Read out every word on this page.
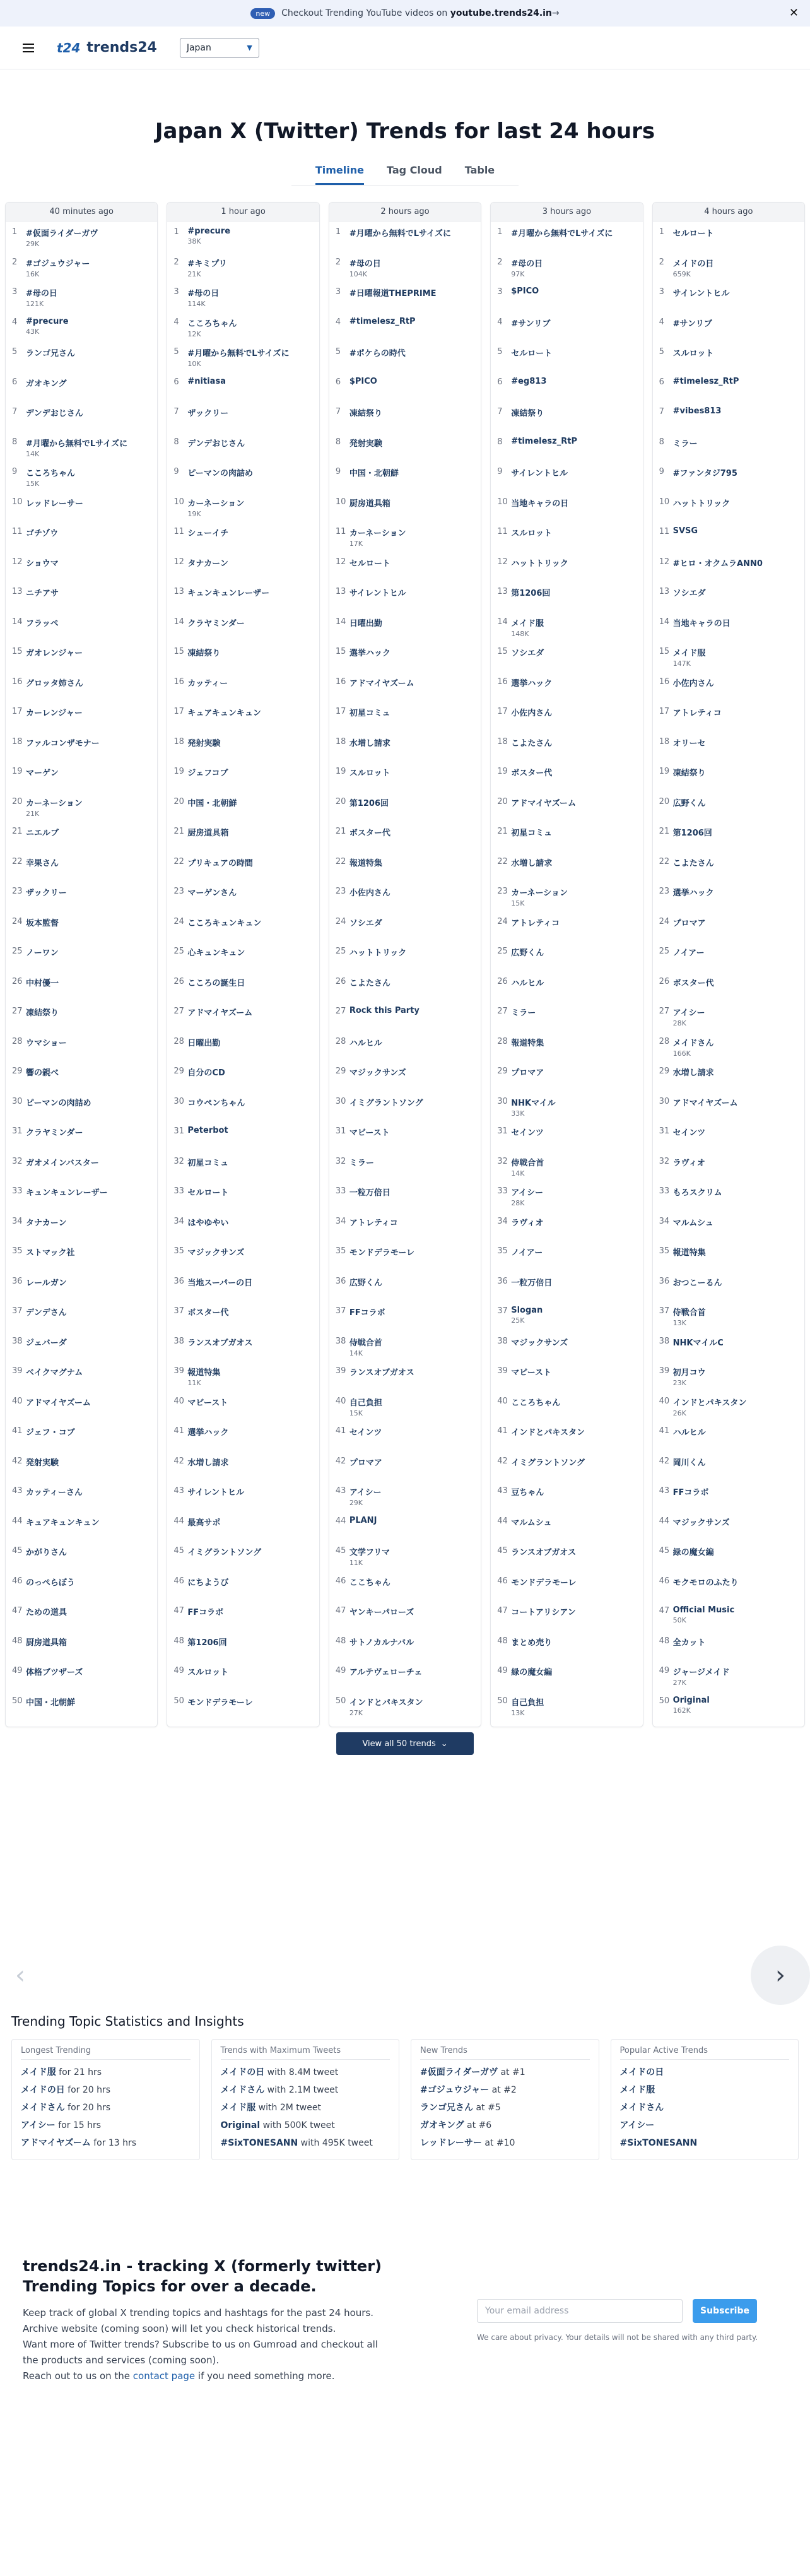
new	Checkout Trending YouTube videos on youtube.trends24.in→	✕
t24 trends24	Japan	▼
Japan X (Twitter) Trends for last 24 hours
Timeline Tag Cloud Table
40 minutes ago
1	#仮面ライダーガヴ
29K
2	#ゴジュウジャー
16K
3	#母の日
121K
4	#precure
43K
5	ランゴ兄さん
6	ガオキング
7	デンデおじさん
8	#月曜から無料でLサイズに
14K
9	こころちゃん
15K
10 レッドレーサー
11 ゴチゾウ
12 ショウマ
13 ニチアサ
14 フラッペ
15 ガオレンジャー
16 グロッタ姉さん
17 カーレンジャー
18 ファルコンザモナー
19 マーゲン
20 カーネーション
21K
21 ニエルブ
22 幸果さん
23 ザックリー
24 坂本監督
25 ノーワン
26 中村優一
27 凍結祭り
28 ウマショー
29 響の親べ
30 ピーマンの肉詰め
31 クラヤミンダー
32 ガオメインバスター
33 キュンキュンレーザー
34 タナカーン
35 ストマック社
36 レールガン
37 デンデさん
38 ジェバーダ
39 ベイクマグナム
40 アドマイヤズーム
41 ジェフ・コブ
42 発射実験
43 カッティーさん
44 キュアキュンキュン
45 かがりさん
46 のっぺらぼう
47 ための道具
48 厨房道具箱
49 体格ブツザーズ
50 中国・北朝鮮
1 hour ago
1	#precure
38K
2	#キミプリ
21K
3	#母の日
114K
4	こころちゃん
12K
5	#月曜から無料でLサイズに
10K
6	#nitiasa
7	ザックリー
8	デンデおじさん
9	ピーマンの肉詰め
10 カーネーション
19K
11 シューイチ
12 タナカーン
13 キュンキュンレーザー
14 クラヤミンダー
15 凍結祭り
16 カッティー
17 キュアキュンキュン
18 発射実験
19 ジェフコブ
20 中国・北朝鮮
21 厨房道具箱
22 プリキュアの時間
23 マーゲンさん
24 こころキュンキュン
25 心キュンキュン
26 こころの誕生日
27 アドマイヤズーム
28 日曜出勤
29 自分のCD
30 コウペンちゃん
31 Peterbot
32 初星コミュ
33 セルロート
34 はやゆやい
35 マジックサンズ
36 当地スーパーの日
37 ボスター代
38 ランスオブガオス
39 報道特集
11K
40 マビースト
41 選挙ハック
42 水増し請求
43 サイレントヒル
44 最高サポ
45 イミグラントソング
46 にちようび
47 FFコラボ
48 第1206回
49 スルロット
50 モンドデラモーレ
2 hours ago
1	#月曜から無料でLサイズに
2	#母の日
104K
3	#日曜報道THEPRIME
4	#timelesz_RtP
5	#ポケらの時代
6	$PICO
7	凍結祭り
8	発射実験
9	中国・北朝鮮
10 厨房道具箱
11 カーネーション
17K
12 セルロート
13 サイレントヒル
14 日曜出勤
15 選挙ハック
16 アドマイヤズーム
17 初星コミュ
18 水増し請求
19 スルロット
20 第1206回
21 ボスター代
22 報道特集
23 小佐内さん
24 ソシエダ
25 ハットトリック
26 こよたさん
27 Rock this Party
28 ハルヒル
29 マジックサンズ
30 イミグラントソング
31 マビースト
32 ミラー
33 一粒万倍日
34 アトレティコ
35 モンドデラモーレ
36 広野くん
37 FFコラボ
38 侍戦合首
14K
39 ランスオブガオス
40 自己負担
15K
41 セインツ
42 プロマア
43 アイシー
29K
44 PLANJ
45 文学フリマ
11K
46 ここちゃん
47 ヤンキーパローズ
48 サトノカルナバル
49 アルテヴェローチェ
50 インドとパキスタン
27K
3 hours ago
1	#月曜から無料でLサイズに
2	#母の日
97K
3	$PICO
4	#サンリブ
5	セルロート
6	#eg813
7	凍結祭り
8	#timelesz_RtP
9	サイレントヒル
10 当地キャラの日
11 スルロット
12 ハットトリック
13 第1206回
14 メイド服
148K
15 ソシエダ
16 選挙ハック
17 小佐内さん
18 こよたさん
19 ボスター代
20 アドマイヤズーム
21 初星コミュ
22 水増し請求
23 カーネーション
15K
24 アトレティコ
25 広野くん
26 ハルヒル
27 ミラー
28 報道特集
29 プロマア
30 NHKマイル
33K
31 セインツ
32 侍戦合首
14K
33 アイシー
28K
34 ラヴィオ
35 ノイアー
36 一粒万倍日
37 Slogan
25K
38 マジックサンズ
39 マビースト
40 こころちゃん
41 インドとパキスタン
42 イミグラントソング
43 豆ちゃん
44 マルムシュ
45 ランスオブガオス
46 モンドデラモーレ
47 コートアリシアン
48 まとめ売り
49 緑の魔女編
50 自己負担
13K
4 hours ago
1	セルロート
2	メイドの日
659K
3	サイレントヒル
4	#サンリブ
5	スルロット
6	#timelesz_RtP
7	#vibes813
8	ミラー
9	#ファンタジ795
10 ハットトリック
11 SVSG
12 #ヒロ・オクムラANN0
13 ソシエダ
14 当地キャラの日
15 メイド服
147K
16 小佐内さん
17 アトレティコ
18 オリーセ
19 凍結祭り
20 広野くん
21 第1206回
22 こよたさん
23 選挙ハック
24 プロマア
25 ノイアー
26 ボスター代
27 アイシー
28K
28 メイドさん
166K
29 水増し請求
30 アドマイヤズーム
31 セインツ
32 ラヴィオ
33 もろスクリム
34 マルムシュ
35 報道特集
36 おつこーるん
37 侍戦合首
13K
38 NHKマイルC
39 初月コウ
23K
40 インドとパキスタン
26K
41 ハルヒル
42 岡川くん
43 FFコラボ
44 マジックサンズ
45 緑の魔女編
46 モクモロのふたり
47 Official Music
50K
48 全カット
49 ジャージメイド
27K
50 Original
162K
View all 50 trends ⌄
‹	›
Trending Topic Statistics and Insights
Longest Trending
メイド服 for 21 hrs
メイドの日 for 20 hrs
メイドさん for 20 hrs
アイシー for 15 hrs
アドマイヤズーム for 13 hrs
Trends with Maximum Tweets
メイドの日 with 8.4M tweet
メイドさん with 2.1M tweet
メイド服 with 2M tweet
Original with 500K tweet
#SixTONESANN with 495K tweet
New Trends
#仮面ライダーガヴ at #1
#ゴジュウジャー at #2
ランゴ兄さん at #5
ガオキング at #6
レッドレーサー at #10
Popular Active Trends
メイドの日
メイド服
メイドさん
アイシー
#SixTONESANN
trends24.in - tracking X (formerly twitter) Trending Topics for over a decade.
Keep track of global X trending topics and hashtags for the past 24 hours.
Archive website (coming soon) will let you check historical trends.
Want more of Twitter trends? Subscribe to us on Gumroad and checkout all the products and services (coming soon).
Reach out to us on the contact page if you need something more.
Your email address
Subscribe
We care about privacy. Your details will not be shared with any third party.
